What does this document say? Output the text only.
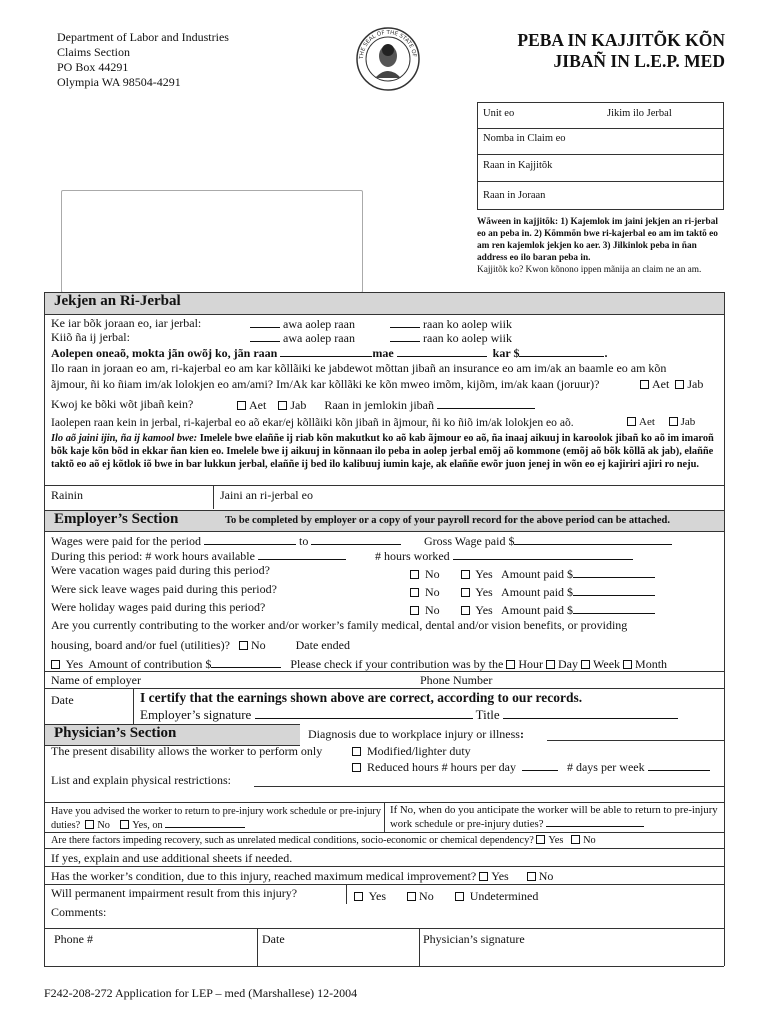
Department of Labor and Industries
Claims Section
PO Box 44291
Olympia WA 98504-4291
THE SEAL OF THE STATE OF
PEBA IN KAJJITÕK KÕN
JIBAÑ IN L.E.P. MED
Unit eo	Jikim ilo Jerbal
Nomba in Claim eo
Raan in Kajjitõk
Raan in Joraan
Wãween in kajjitõk: 1) Kajemlok im jaini jekjen an ri-jerbal eo an peba in. 2) Kõmmõn bwe ri-kajerbal eo am im taktõ eo am ren kajemlok jekjen ko aer. 3) Jilkinlok peba in ñan address eo ilo baran peba in.
Kajjitõk ko? Kwon kõnono ippen mãnija an claim ne an am.
Jekjen an Ri-Jerbal
Ke iar bõk joraan eo, iar jerbal:	awa aolep raan	raan ko aolep wiik
Kiiõ ña ij jerbal:	awa aolep raan	raan ko aolep wiik
Aolepen oneaõ, mokta jãn owõj ko, jãn raan	mae	kar $	.
Ilo raan in joraan eo am, ri-kajerbal eo am kar kõllãiki ke jabdewot mõttan jibañ an insurance eo am im/ak an baamle eo am kõn
ãjmour, ñi ko ñiam im/ak lolokjen eo am/ami? Im/Ak kar kõllãki ke kõn mweo imõm, kijõm, im/ak kaan (joruur)?	Aet Jab
Kwoj ke bõki wõt jibañ kein?	Aet Jab Raan in jemlokin jibañ
Iaolepen raan kein in jerbal, ri-kajerbal eo aõ ekar/ej kõllãiki kõn jibañ in ãjmour, ñi ko ñiõ im/ak lolokjen eo aõ.	Aet Jab
Ilo aõ jaini ijin, ña ij kamool bwe: Imelele bwe elaññe ij riab kõn makutkut ko aõ kab ãjmour eo aõ, ña inaaj aikuuj in karoolok jibañ ko aõ im imaroñ bõk kaje kõn bõd in ekkar ñan kien eo. Imelele bwe ij aikuuj in kõnnaan ilo peba in aolep jerbal emõj aõ kommone (emõj aõ bõk kõllã ak jab), elaññe taktõ eo aõ ej kõtlok iõ bwe in bar lukkun jerbal, elaññe ij bed ilo kalibuuj iumin kaje, ak elaññe ewõr juon jenej in wõn eo ej kajiriri ajiri ro neju.
Rainin	Jaini an ri-jerbal eo
Employer’s Section	To be completed by employer or a copy of your payroll record for the above period can be attached.
Wages were paid for the period	to	Gross Wage paid $
During this period: # work hours available	# hours worked
Were vacation wages paid during this period?	No	Yes Amount paid $
Were sick leave wages paid during this period?	No	Yes Amount paid $
Were holiday wages paid during this period?	No	Yes Amount paid $
Are you currently contributing to the worker and/or worker’s family medical, dental and/or vision benefits, or providing
housing, board and/or fuel (utilities)? No	Date ended
Yes Amount of contribution $	Please check if your contribution was by the Hour Day Week Month
Name of employer	Phone Number
Date	I certify that the earnings shown above are correct, according to our records.
Employer’s signature	Title
Physician’s Section	Diagnosis due to workplace injury or illness:
The present disability allows the worker to perform only	Modified/lighter duty
Reduced hours # hours per day	# days per week
List and explain physical restrictions:
Have you advised the worker to return to pre-injury work schedule or pre-injury duties? No Yes, on
If No, when do you anticipate the worker will be able to return to pre-injury work schedule or pre-injury duties?
Are there factors impeding recovery, such as unrelated medical conditions, socio-economic or chemical dependency? Yes No
If yes, explain and use additional sheets if needed.
Has the worker’s condition, due to this injury, reached maximum medical improvement? Yes	No
Will permanent impairment result from this injury?	Yes	No	Undetermined
Comments:
Phone #	Date	Physician’s signature
F242-208-272 Application for LEP – med (Marshallese) 12-2004
